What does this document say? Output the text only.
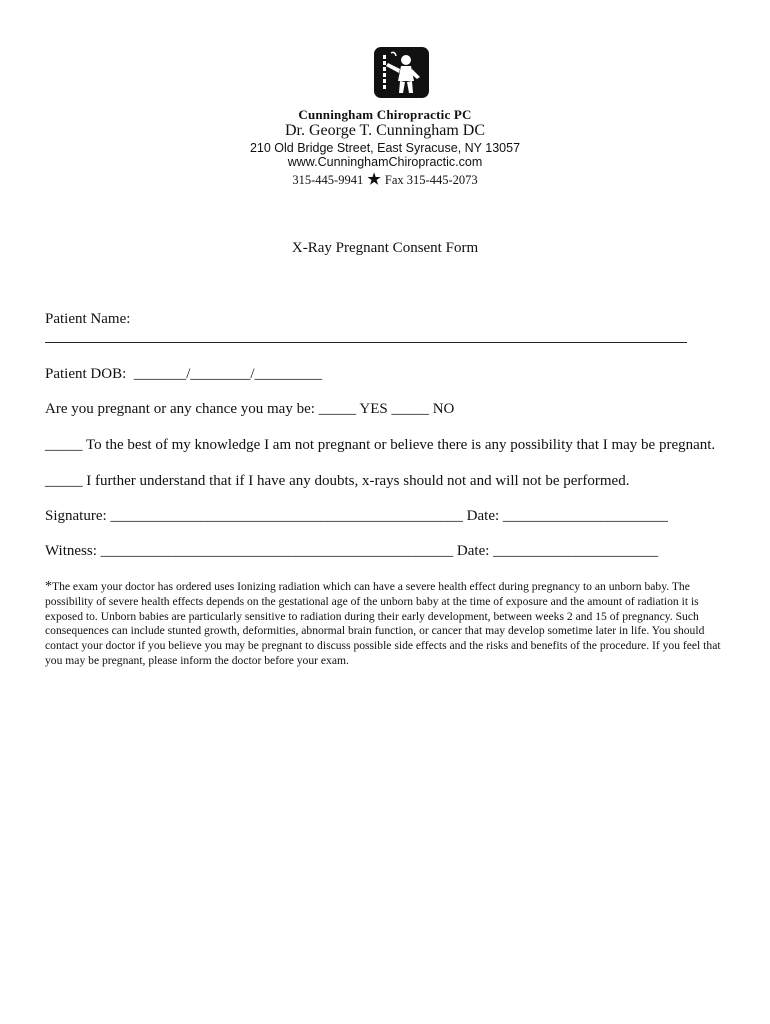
Cunningham Chiropractic PC
Dr. George T. Cunningham DC
210 Old Bridge Street, East Syracuse, NY 13057
www.CunninghamChiropractic.com
315-445-9941 ★ Fax 315-445-2073
X-Ray Pregnant Consent Form
Patient Name:
Patient DOB: _______/________/_________
Are you pregnant or any chance you may be: _____ YES _____ NO
_____ To the best of my knowledge I am not pregnant or believe there is any possibility that I may be pregnant.
_____ I further understand that if I have any doubts, x-rays should not and will not be performed.
Signature: _______________________________________________ Date: ______________________
Witness: _______________________________________________ Date: ______________________
*The exam your doctor has ordered uses Ionizing radiation which can have a severe health effect during pregnancy to an unborn baby. The possibility of severe health effects depends on the gestational age of the unborn baby at the time of exposure and the amount of radiation it is exposed to. Unborn babies are particularly sensitive to radiation during their early development, between weeks 2 and 15 of pregnancy. Such consequences can include stunted growth, deformities, abnormal brain function, or cancer that may develop sometime later in life. You should contact your doctor if you believe you may be pregnant to discuss possible side effects and the risks and benefits of the procedure. If you feel that you may be pregnant, please inform the doctor before your exam.
